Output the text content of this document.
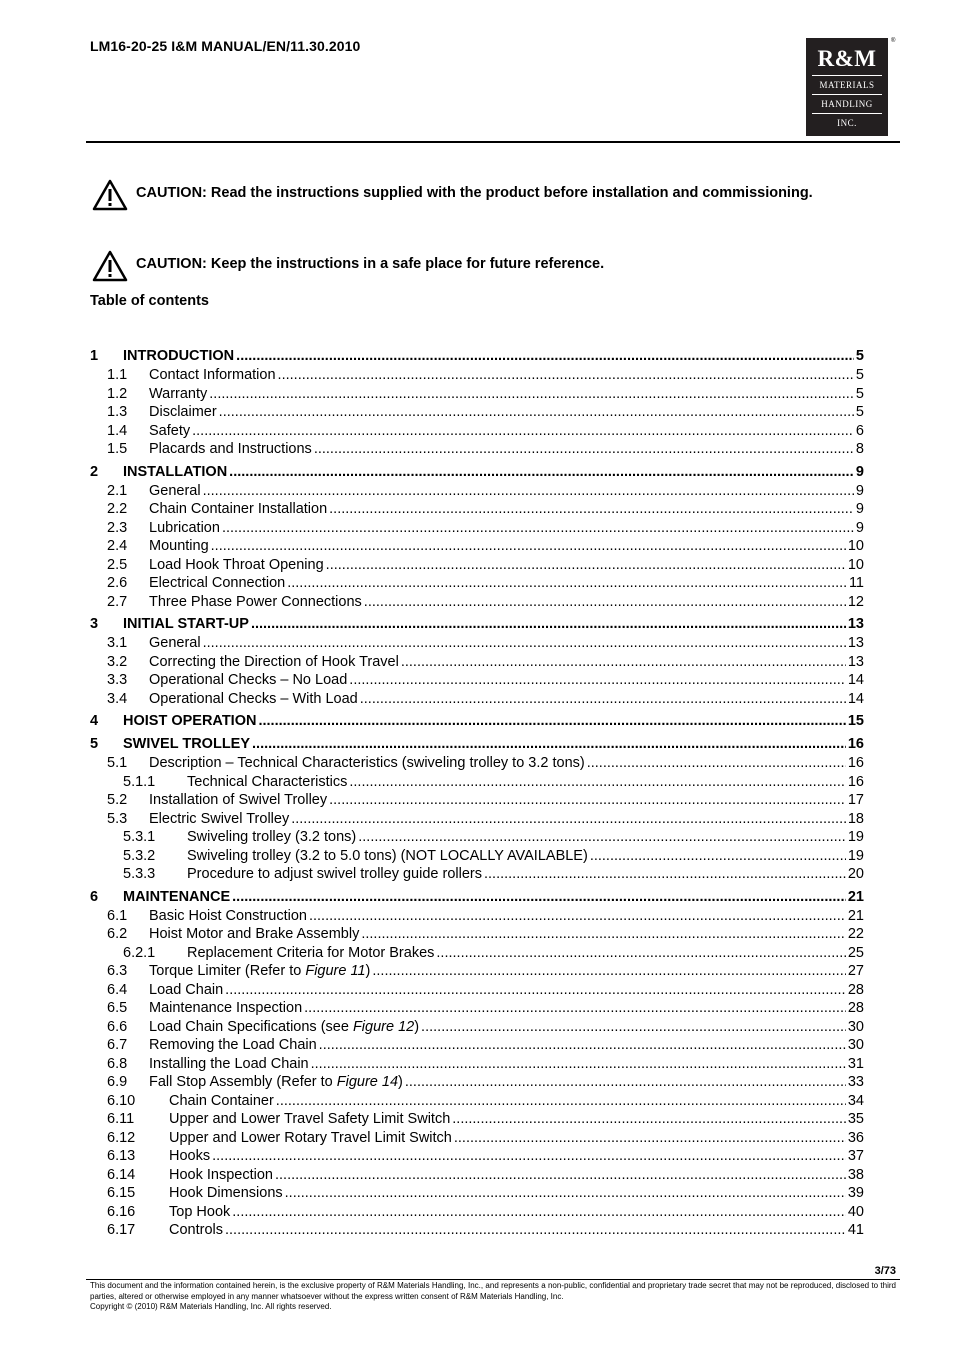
LM16-20-25 I&M MANUAL/EN/11.30.2010	R&M
MATERIALS
HANDLING
INC.
®
CAUTION: Read the instructions supplied with the product before installation and commissioning.
CAUTION: Keep the instructions in a safe place for future reference.
Table of contents
1	INTRODUCTION .....	5
1.1	Contact Information .....	5
1.2	Warranty .....	5
1.3	Disclaimer .....	5
1.4	Safety .....	6
1.5	Placards and Instructions .....	8
2	INSTALLATION .....	9
2.1	General .....	9
2.2	Chain Container Installation .....	9
2.3	Lubrication .....	9
2.4	Mounting .....	10
2.5	Load Hook Throat Opening .....	10
2.6	Electrical Connection .....	11
2.7	Three Phase Power Connections .....	12
3	INITIAL START-UP .....	13
3.1	General .....	13
3.2	Correcting the Direction of Hook Travel .....	13
3.3	Operational Checks – No Load .....	14
3.4	Operational Checks – With Load .....	14
4	HOIST OPERATION .....	15
5	SWIVEL TROLLEY .....	16
5.1	Description – Technical Characteristics (swiveling trolley to 3.2 tons) .....	16
5.1.1	Technical Characteristics .....	16
5.2	Installation of Swivel Trolley .....	17
5.3	Electric Swivel Trolley .....	18
5.3.1	Swiveling trolley (3.2 tons) .....	19
5.3.2	Swiveling trolley (3.2 to 5.0 tons) (NOT LOCALLY AVAILABLE) .....	19
5.3.3	Procedure to adjust swivel trolley guide rollers .....	20
6	MAINTENANCE .....	21
6.1	Basic Hoist Construction .....	21
6.2	Hoist Motor and Brake Assembly .....	22
6.2.1	Replacement Criteria for Motor Brakes .....	25
6.3	Torque Limiter (Refer to Figure 11) .....	27
6.4	Load Chain .....	28
6.5	Maintenance Inspection .....	28
6.6	Load Chain Specifications (see Figure 12) .....	30
6.7	Removing the Load Chain .....	30
6.8	Installing the Load Chain .....	31
6.9	Fall Stop Assembly (Refer to Figure 14) .....	33
6.10	Chain Container .....	34
6.11	Upper and Lower Travel Safety Limit Switch .....	35
6.12	Upper and Lower Rotary Travel Limit Switch .....	36
6.13	Hooks .....	37
6.14	Hook Inspection .....	38
6.15	Hook Dimensions .....	39
6.16	Top Hook .....	40
6.17	Controls .....	41
3/73
This document and the information contained herein, is the exclusive property of R&M Materials Handling, Inc., and represents a non-public, confidential and proprietary trade secret that may not be reproduced, disclosed to third parties, altered or otherwise employed in any manner whatsoever without the express written consent of R&M Materials Handling, Inc.
Copyright © (2010) R&M Materials Handling, Inc. All rights reserved.
